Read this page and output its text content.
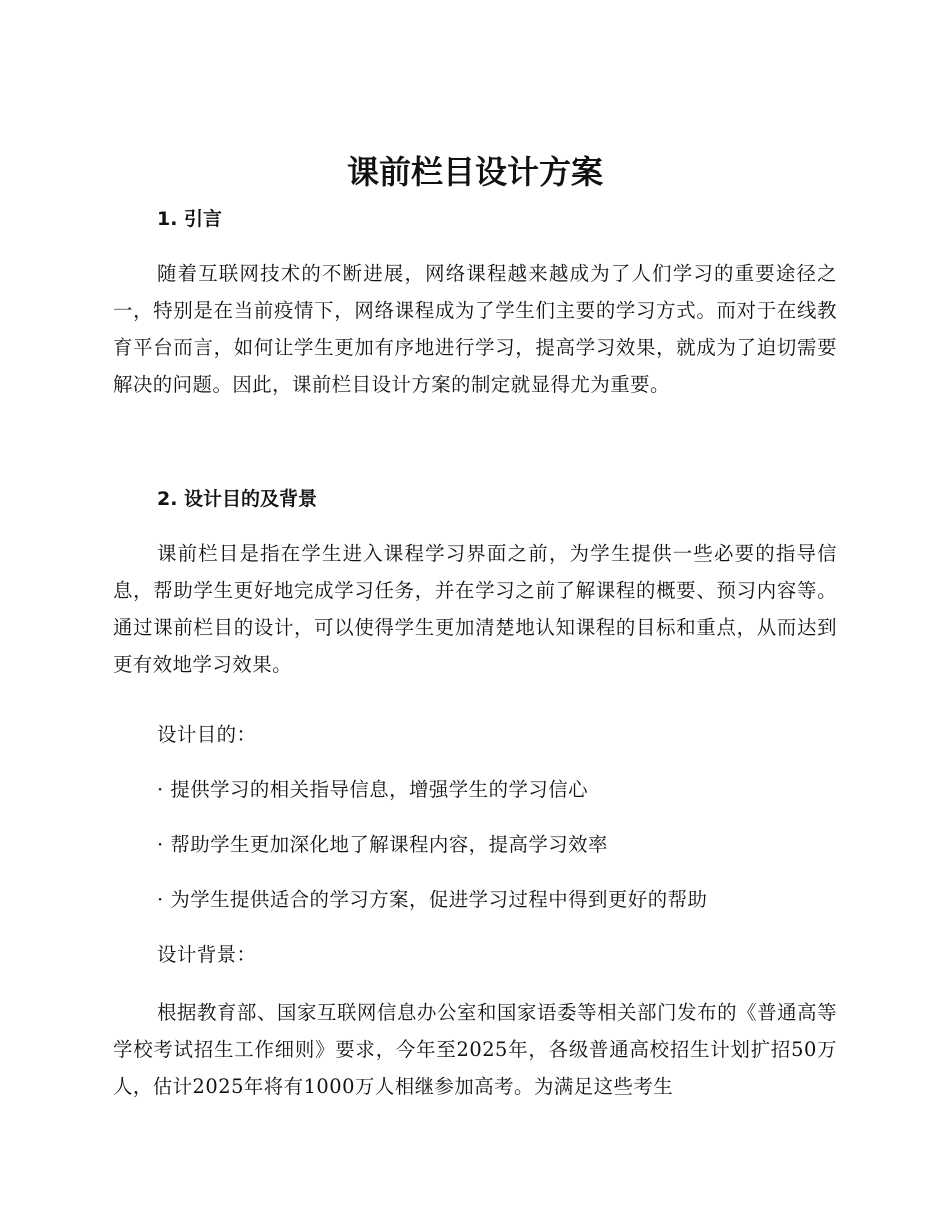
课前栏目设计方案
1. 引言

随着互联网技术的不断进展，网络课程越来越成为了人们学习的重要途径之一，特别是在当前疫情下，网络课程成为了学生们主要的学习方式。而对于在线教育平台而言，如何让学生更加有序地进行学习，提高学习效果，就成为了迫切需要解决的问题。因此，课前栏目设计方案的制定就显得尤为重要。

2. 设计目的及背景

课前栏目是指在学生进入课程学习界面之前，为学生提供一些必要的指导信息，帮助学生更好地完成学习任务，并在学习之前了解课程的概要、预习内容等。通过课前栏目的设计，可以使得学生更加清楚地认知课程的目标和重点，从而达到更有效地学习效果。

设计目的：

· 提供学习的相关指导信息，增强学生的学习信心

· 帮助学生更加深化地了解课程内容，提高学习效率

· 为学生提供适合的学习方案，促进学习过程中得到更好的帮助

设计背景：

根据教育部、国家互联网信息办公室和国家语委等相关部门发布的《普通高等学校考试招生工作细则》要求，今年至2025年，各级普通高校招生计划扩招50万人，估计2025年将有1000万人相继参加高考。为满足这些考生
